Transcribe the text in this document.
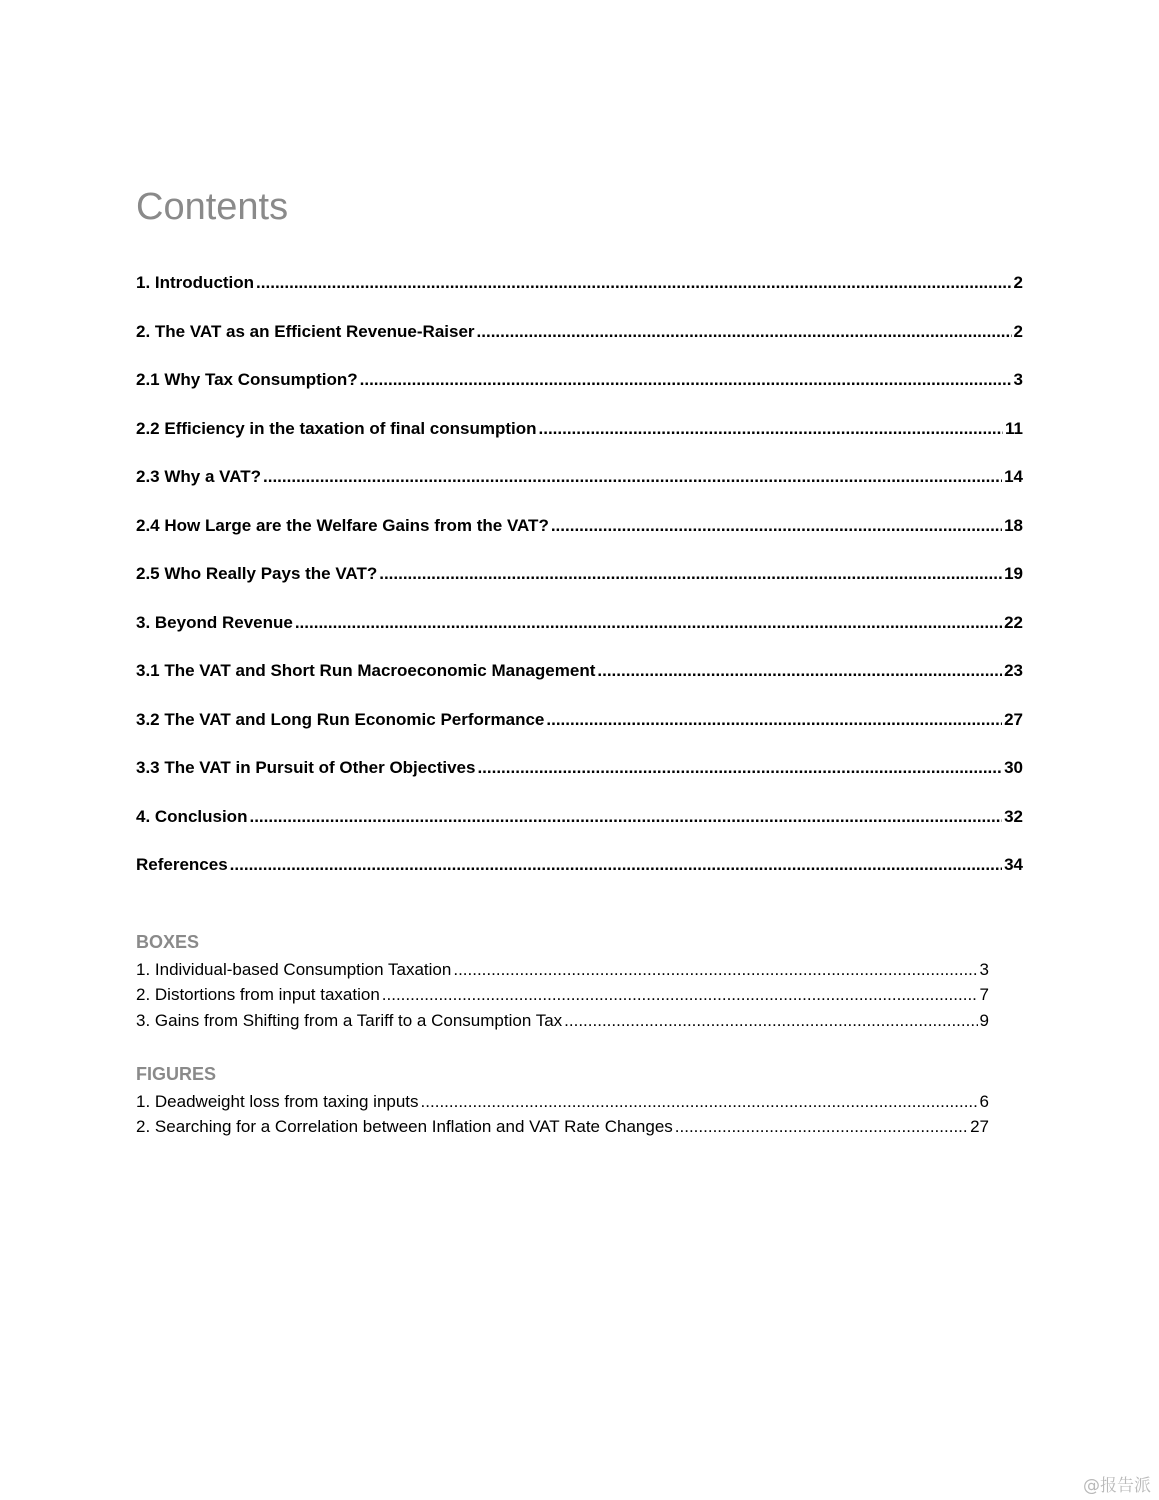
Contents
1. Introduction .....	2
2. The VAT as an Efficient Revenue-Raiser .....	2
2.1 Why Tax Consumption? .....	3
2.2 Efficiency in the taxation of final consumption .....	11
2.3 Why a VAT? .....	14
2.4 How Large are the Welfare Gains from the VAT? .....	18
2.5 Who Really Pays the VAT? .....	19
3. Beyond Revenue .....	22
3.1 The VAT and Short Run Macroeconomic Management .....	23
3.2 The VAT and Long Run Economic Performance .....	27
3.3 The VAT in Pursuit of Other Objectives .....	30
4. Conclusion .....	32
References .....	34
BOXES
1. Individual-based Consumption Taxation .....	3
2. Distortions from input taxation .....	7
3. Gains from Shifting from a Tariff to a Consumption Tax .....	9
FIGURES
1. Deadweight loss from taxing inputs .....	6
2. Searching for a Correlation between Inflation and VAT Rate Changes .....	27
@报告派
